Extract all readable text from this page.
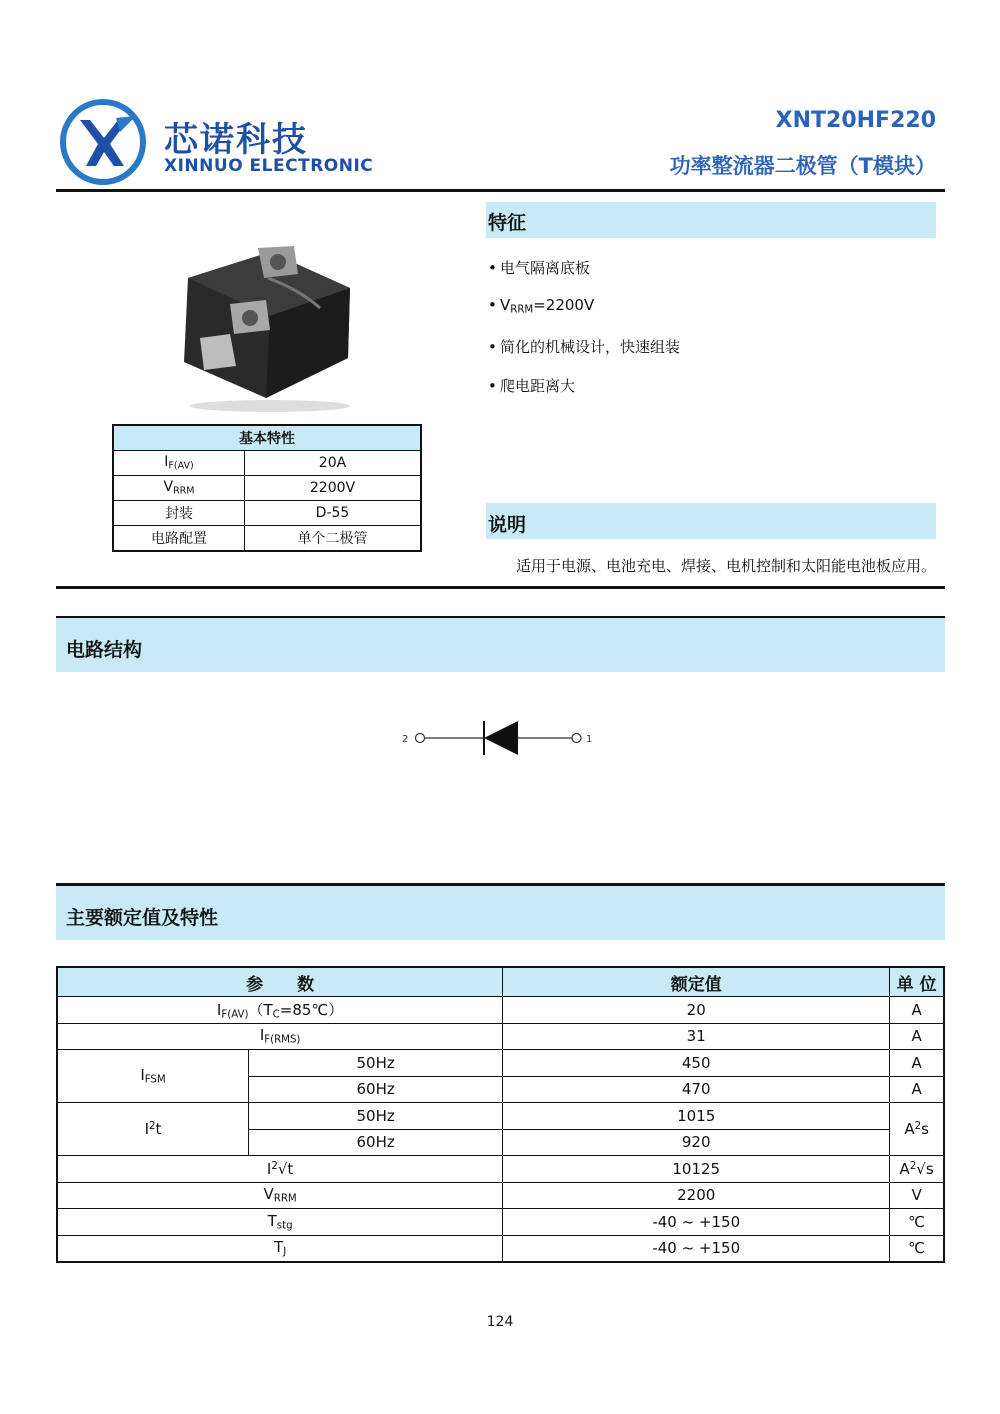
芯诺科技
XINNUO ELECTRONIC
XNT20HF220
功率整流器二极管（T模块）
基本特性	
$I_{F(AV)}$	20A
$V_{RRM}$	2200V
封装	D-55
电路配置	单个二极管
特征
• 电气隔离底板
• $V_{RRM}=2200V$
• 简化的机械设计，快速组装
• 爬电距离大
说明
适用于电源、电池充电、焊接、电机控制和太阳能电池板应用。
电路结构
2	1
主要额定值及特性
参　　数		额定值	单 位
$I_{F(AV)}(T_C=85℃)$		20	A
$I_{F(RMS)}$		31	A
$I_{FSM}$	50Hz	450	A
	60Hz	470	A
$I^2t$	50Hz	1015	$A^2s$
	60Hz	920	
$I^2√t$		10125	$A^2√s$
$V_{RRM}$		2200	V
$T_{stg}$		-40 ~ +150	℃
$T_J$		-40 ~ +150	℃
124
